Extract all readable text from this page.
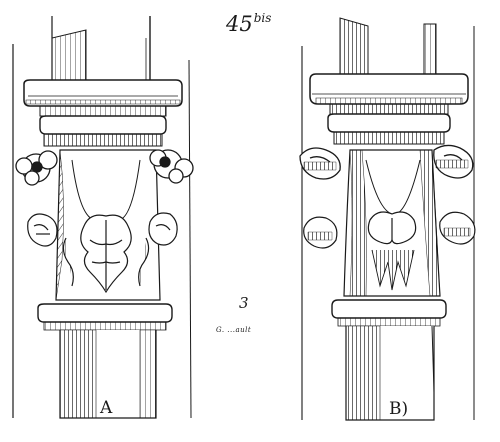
$45^{bis}$
A	B)
3
G. ...ault
